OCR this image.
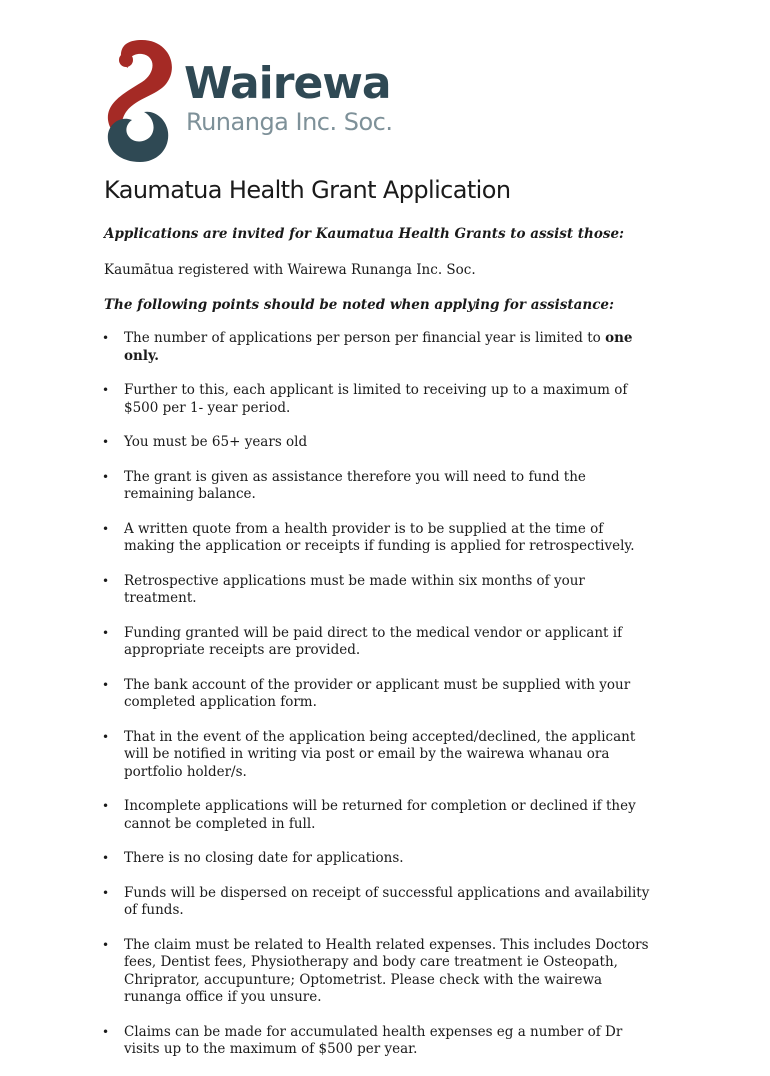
Wairewa
Runanga Inc. Soc.
Kaumatua Health Grant Application

Applications are invited for Kaumatua Health Grants to assist those:

Kaumātua registered with Wairewa Runanga Inc. Soc.

The following points should be noted when applying for assistance:

• The number of applications per person per financial year is limited to one only.
• Further to this, each applicant is limited to receiving up to a maximum of $500 per 1- year period.
• You must be 65+ years old
• The grant is given as assistance therefore you will need to fund the remaining balance.
• A written quote from a health provider is to be supplied at the time of making the application or receipts if funding is applied for retrospectively.
• Retrospective applications must be made within six months of your treatment.
• Funding granted will be paid direct to the medical vendor or applicant if appropriate receipts are provided.
• The bank account of the provider or applicant must be supplied with your completed application form.
• That in the event of the application being accepted/declined, the applicant will be notified in writing via post or email by the wairewa whanau ora portfolio holder/s.
• Incomplete applications will be returned for completion or declined if they cannot be completed in full.
• There is no closing date for applications.
• Funds will be dispersed on receipt of successful applications and availability of funds.
• The claim must be related to Health related expenses. This includes Doctors fees, Dentist fees, Physiotherapy and body care treatment ie Osteopath, Chriprator, accupunture; Optometrist. Please check with the wairewa runanga office if you unsure.
• Claims can be made for accumulated health expenses eg a number of Dr visits up to the maximum of $500 per year.
